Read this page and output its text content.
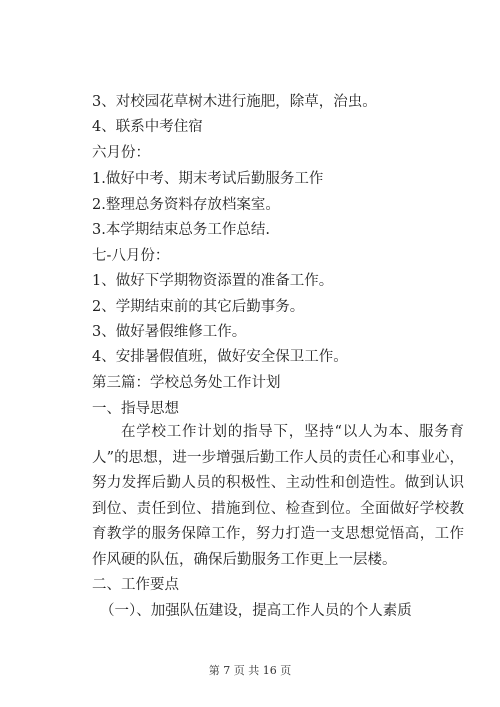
3、对校园花草树木进行施肥，除草，治虫。
4、联系中考住宿
六月份：
1.做好中考、期末考试后勤服务工作
2.整理总务资料存放档案室。
3.本学期结束总务工作总结.
七-八月份：
1、做好下学期物资添置的准备工作。
2、学期结束前的其它后勤事务。
3、做好暑假维修工作。
4、安排暑假值班，做好安全保卫工作。
第三篇：学校总务处工作计划
一、指导思想
在学校工作计划的指导下，坚持“以人为本、服务育人”的思想，进一步增强后勤工作人员的责任心和事业心，努力发挥后勤人员的积极性、主动性和创造性。做到认识到位、责任到位、措施到位、检查到位。全面做好学校教育教学的服务保障工作，努力打造一支思想觉悟高，工作作风硬的队伍，确保后勤服务工作更上一层楼。
二、工作要点
（一）、加强队伍建设，提高工作人员的个人素质
第 7 页 共 16 页
